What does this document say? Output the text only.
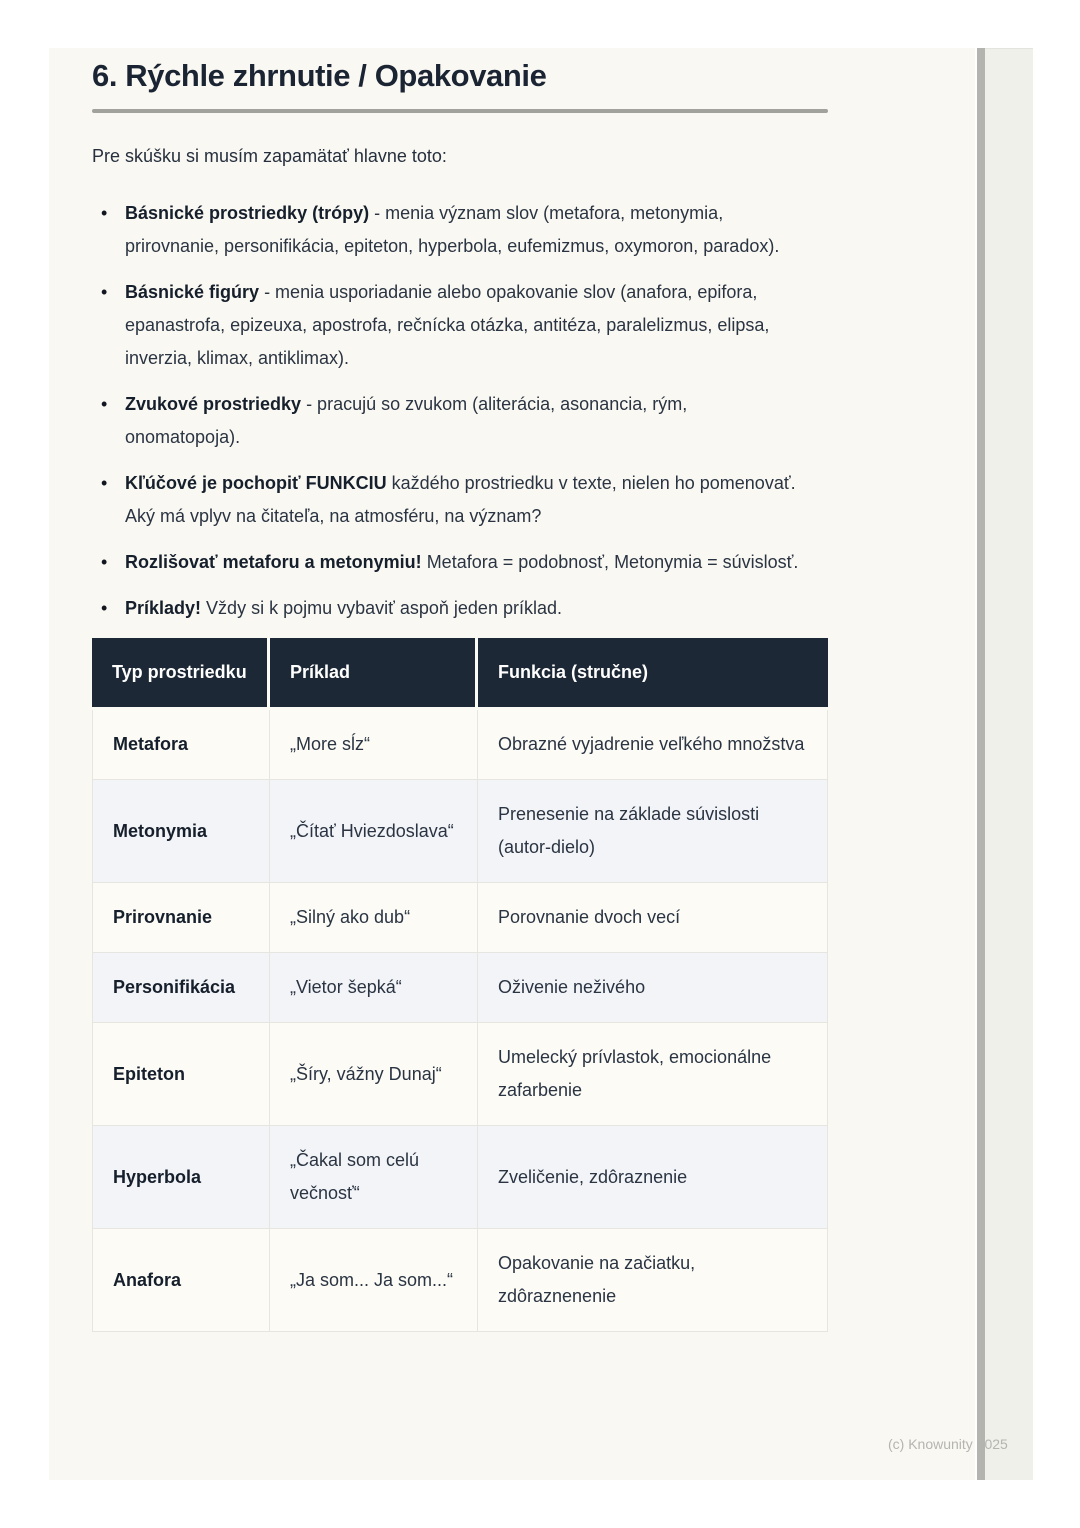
6. Rýchle zhrnutie / Opakovanie

Pre skúšku si musím zapamätať hlavne toto:

• Básnické prostriedky (trópy) - menia význam slov (metafora, metonymia, prirovnanie, personifikácia, epiteton, hyperbola, eufemizmus, oxymoron, paradox).
• Básnické figúry - menia usporiadanie alebo opakovanie slov (anafora, epifora, epanastrofa, epizeuxa, apostrofa, rečnícka otázka, antitéza, paralelizmus, elipsa, inverzia, klimax, antiklimax).
• Zvukové prostriedky - pracujú so zvukom (aliterácia, asonancia, rým, onomatopoja).
• Kľúčové je pochopiť FUNKCIU každého prostriedku v texte, nielen ho pomenovať. Aký má vplyv na čitateľa, na atmosféru, na význam?
• Rozlišovať metaforu a metonymiu! Metafora = podobnosť, Metonymia = súvislosť.
• Príklady! Vždy si k pojmu vybaviť aspoň jeden príklad.
Typ prostriedku	Príklad	Funkcia (stručne)
Metafora	„More sĺz“	Obrazné vyjadrenie veľkého množstva
Metonymia	„Čítať Hviezdoslava“	Prenesenie na základe súvislosti (autor-dielo)
Prirovnanie	„Silný ako dub“	Porovnanie dvoch vecí
Personifikácia	„Vietor šepká“	Oživenie neživého
Epiteton	„Šíry, vážny Dunaj“	Umelecký prívlastok, emocionálne zafarbenie
Hyperbola	„Čakal som celú večnosť“	Zveličenie, zdôraznenie
Anafora	„Ja som... Ja som...“	Opakovanie na začiatku, zdôraznenenie
(c) Knowunity 2025
